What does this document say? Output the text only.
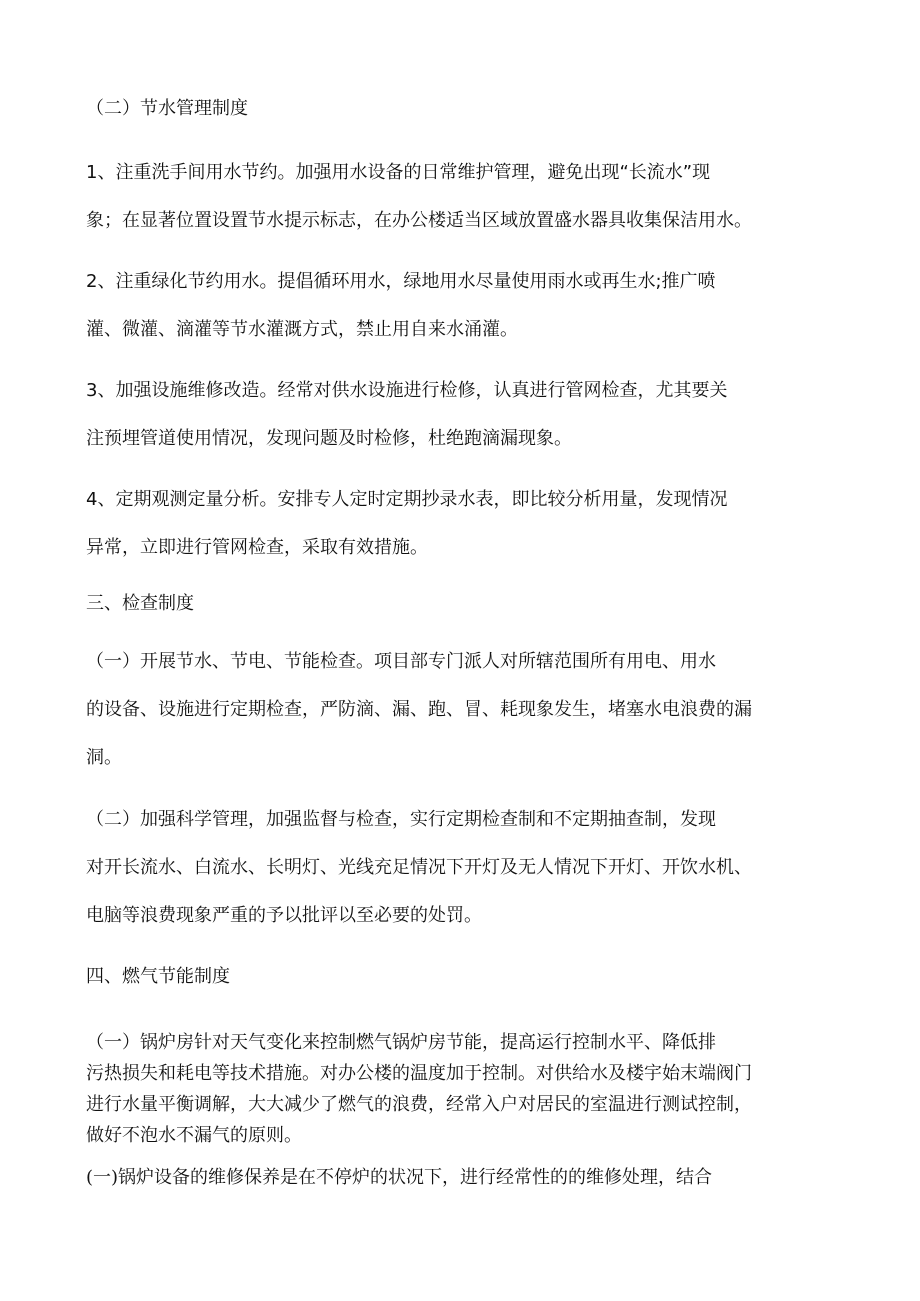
（二）节水管理制度

1、注重洗手间用水节约。加强用水设备的日常维护管理，避免出现“长流水”现

象；在显著位置设置节水提示标志，在办公楼适当区域放置盛水器具收集保洁用水。

2、注重绿化节约用水。提倡循环用水，绿地用水尽量使用雨水或再生水;推广喷

灌、微灌、滴灌等节水灌溉方式，禁止用自来水涌灌。

3、加强设施维修改造。经常对供水设施进行检修，认真进行管网检查，尤其要关

注预埋管道使用情况，发现问题及时检修，杜绝跑滴漏现象。

4、定期观测定量分析。安排专人定时定期抄录水表，即比较分析用量，发现情况

异常，立即进行管网检查，采取有效措施。

三、检查制度

（一）开展节水、节电、节能检查。项目部专门派人对所辖范围所有用电、用水

的设备、设施进行定期检查，严防滴、漏、跑、冒、耗现象发生，堵塞水电浪费的漏

洞。

（二）加强科学管理，加强监督与检查，实行定期检查制和不定期抽查制，发现

对开长流水、白流水、长明灯、光线充足情况下开灯及无人情况下开灯、开饮水机、

电脑等浪费现象严重的予以批评以至必要的处罚。

四、燃气节能制度

（一）锅炉房针对天气变化来控制燃气锅炉房节能，提高运行控制水平、降低排

污热损失和耗电等技术措施。对办公楼的温度加于控制。对供给水及楼宇始末端阀门

进行水量平衡调解，大大减少了燃气的浪费，经常入户对居民的室温进行测试控制，

做好不泡水不漏气的原则。

(一)锅炉设备的维修保养是在不停炉的状况下，进行经常性的的维修处理，结合
